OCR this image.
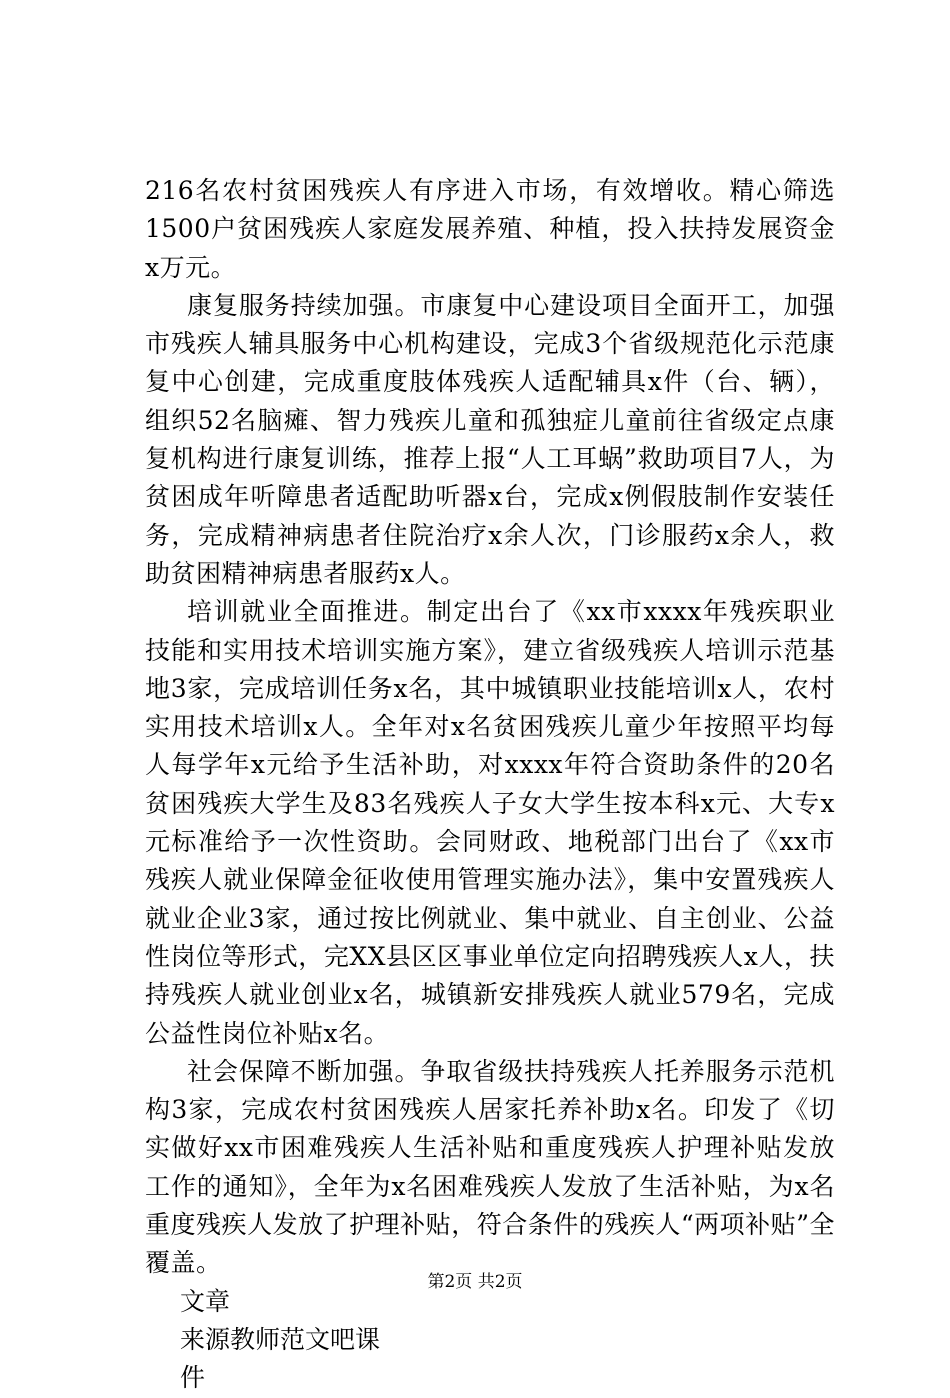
216名农村贫困残疾人有序进入市场，有效增收。精心筛选1500户贫困残疾人家庭发展养殖、种植，投入扶持发展资金x万元。

康复服务持续加强。市康复中心建设项目全面开工，加强市残疾人辅具服务中心机构建设，完成3个省级规范化示范康复中心创建，完成重度肢体残疾人适配辅具x件（台、辆），组织52名脑瘫、智力残疾儿童和孤独症儿童前往省级定点康复机构进行康复训练，推荐上报“人工耳蜗”救助项目7人，为贫困成年听障患者适配助听器x台，完成x例假肢制作安装任务，完成精神病患者住院治疗x余人次，门诊服药x余人，救助贫困精神病患者服药x人。

培训就业全面推进。制定出台了《xx市xxxx年残疾职业技能和实用技术培训实施方案》，建立省级残疾人培训示范基地3家，完成培训任务x名，其中城镇职业技能培训x人，农村实用技术培训x人。全年对x名贫困残疾儿童少年按照平均每人每学年x元给予生活补助，对xxxx年符合资助条件的20名贫困残疾大学生及83名残疾人子女大学生按本科x元、大专x元标准给予一次性资助。会同财政、地税部门出台了《xx市残疾人就业保障金征收使用管理实施办法》，集中安置残疾人就业企业3家，通过按比例就业、集中就业、自主创业、公益性岗位等形式，完XX县区区事业单位定向招聘残疾人x人，扶持残疾人就业创业x名，城镇新安排残疾人就业579名，完成公益性岗位补贴x名。

社会保障不断加强。争取省级扶持残疾人托养服务示范机构3家，完成农村贫困残疾人居家托养补助x名。印发了《切实做好xx市困难残疾人生活补贴和重度残疾人护理补贴发放工作的通知》，全年为x名困难残疾人发放了生活补贴，为x名重度残疾人发放了护理补贴，符合条件的残疾人“两项补贴”全覆盖。

文章
来源教师范文吧课
件
第2页 共2页
